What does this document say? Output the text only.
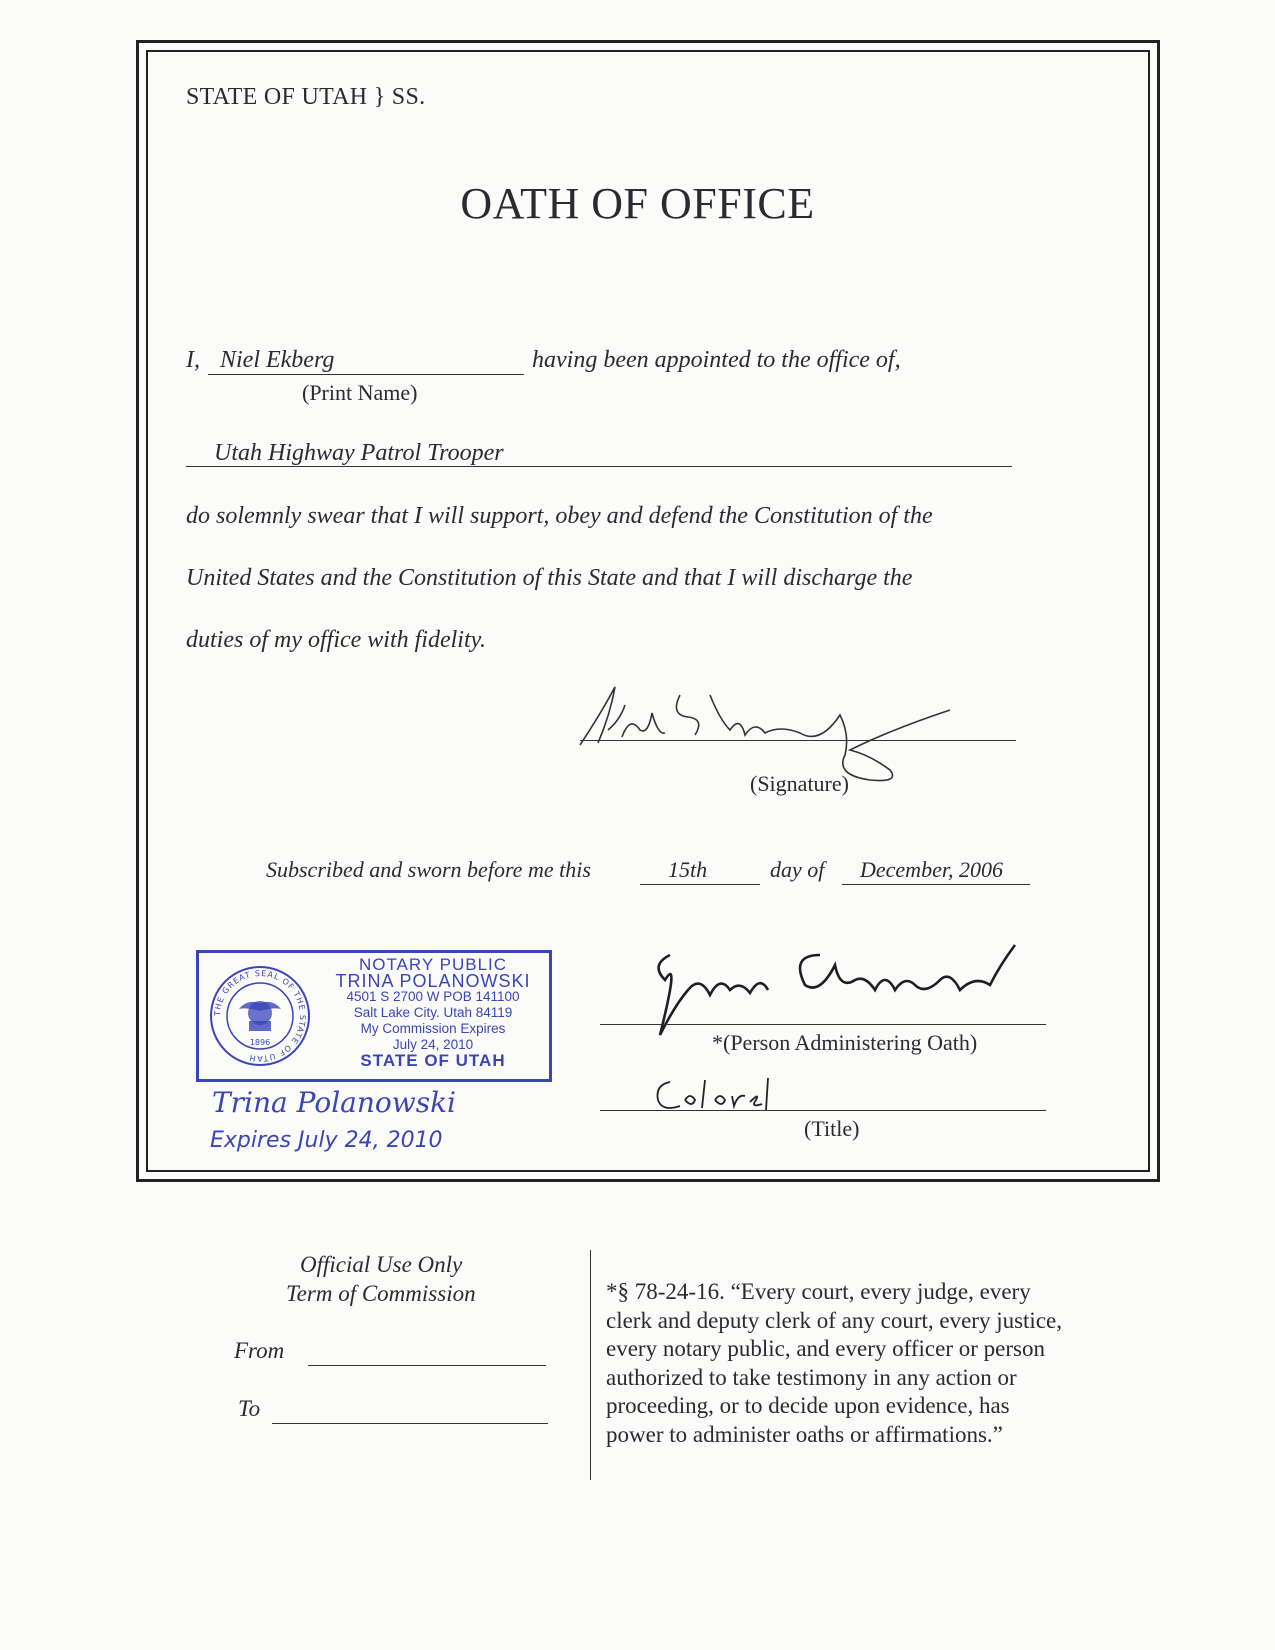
STATE OF UTAH } SS.
OATH OF OFFICE
I, Niel Ekberg	having been appointed to the office of,
(Print Name)
Utah Highway Patrol Trooper
do solemnly swear that I will support, obey and defend the Constitution of the
United States and the Constitution of this State and that I will discharge the
duties of my office with fidelity.
(Signature)
Subscribed and sworn before me this	15th	day of December, 2006
THE GREAT SEAL OF THE STATE OF UTAH
1896
NOTARY PUBLIC
TRINA POLANOWSKI
4501 S 2700 W POB 141100
Salt Lake City. Utah 84119
My Commission Expires
July 24, 2010
STATE OF UTAH
Trina Polanowski
Expires July 24, 2010
*(Person Administering Oath)
(Title)
Official Use Only
Term of Commission
From
To
*§ 78-24-16. “Every court, every judge, every
clerk and deputy clerk of any court, every justice,
every notary public, and every officer or person
authorized to take testimony in any action or
proceeding, or to decide upon evidence, has
power to administer oaths or affirmations.”
